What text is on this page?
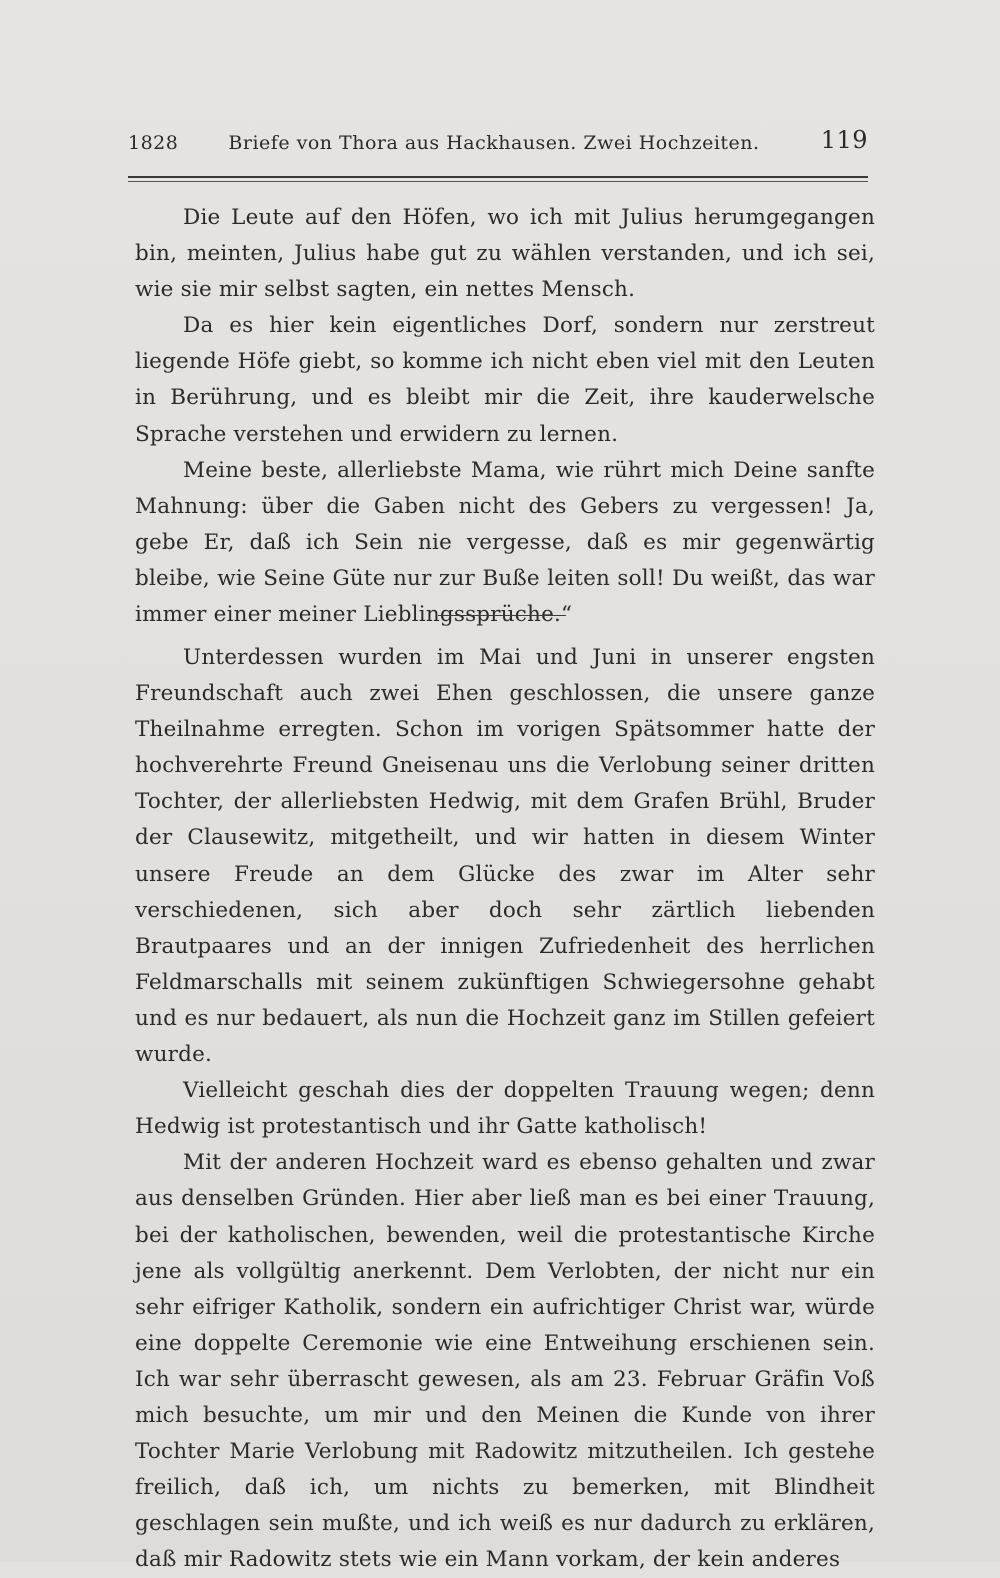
1828	Briefe von Thora aus Hackhausen. Zwei Hochzeiten.	119

Die Leute auf den Höfen, wo ich mit Julius herumgegangen bin, meinten, Julius habe gut zu wählen verstanden, und ich sei, wie sie mir selbst sagten, ein nettes Mensch.

Da es hier kein eigentliches Dorf, sondern nur zerstreut liegende Höfe giebt, so komme ich nicht eben viel mit den Leuten in Berührung, und es bleibt mir die Zeit, ihre kauderwelsche Sprache verstehen und erwidern zu lernen.

Meine beste, allerliebste Mama, wie rührt mich Deine sanfte Mahnung: über die Gaben nicht des Gebers zu vergessen! Ja, gebe Er, daß ich Sein nie vergesse, daß es mir gegenwärtig bleibe, wie Seine Güte nur zur Buße leiten soll! Du weißt, das war immer einer meiner Lieblingssprüche.“

Unterdessen wurden im Mai und Juni in unserer engsten Freundschaft auch zwei Ehen geschlossen, die unsere ganze Theilnahme erregten. Schon im vorigen Spätsommer hatte der hochverehrte Freund Gneisenau uns die Verlobung seiner dritten Tochter, der allerliebsten Hedwig, mit dem Grafen Brühl, Bruder der Clausewitz, mitgetheilt, und wir hatten in diesem Winter unsere Freude an dem Glücke des zwar im Alter sehr verschiedenen, sich aber doch sehr zärtlich liebenden Brautpaares und an der innigen Zufriedenheit des herrlichen Feldmarschalls mit seinem zukünftigen Schwiegersohne gehabt und es nur bedauert, als nun die Hochzeit ganz im Stillen gefeiert wurde.

Vielleicht geschah dies der doppelten Trauung wegen; denn Hedwig ist protestantisch und ihr Gatte katholisch!

Mit der anderen Hochzeit ward es ebenso gehalten und zwar aus denselben Gründen. Hier aber ließ man es bei einer Trauung, bei der katholischen, bewenden, weil die protestantische Kirche jene als vollgültig anerkennt. Dem Verlobten, der nicht nur ein sehr eifriger Katholik, sondern ein aufrichtiger Christ war, würde eine doppelte Ceremonie wie eine Entweihung erschienen sein. Ich war sehr überrascht gewesen, als am 23. Februar Gräfin Voß mich besuchte, um mir und den Meinen die Kunde von ihrer Tochter Marie Verlobung mit Radowitz mitzutheilen. Ich gestehe freilich, daß ich, um nichts zu bemerken, mit Blindheit geschlagen sein mußte, und ich weiß es nur dadurch zu erklären, daß mir Radowitz stets wie ein Mann vorkam, der kein anderes
